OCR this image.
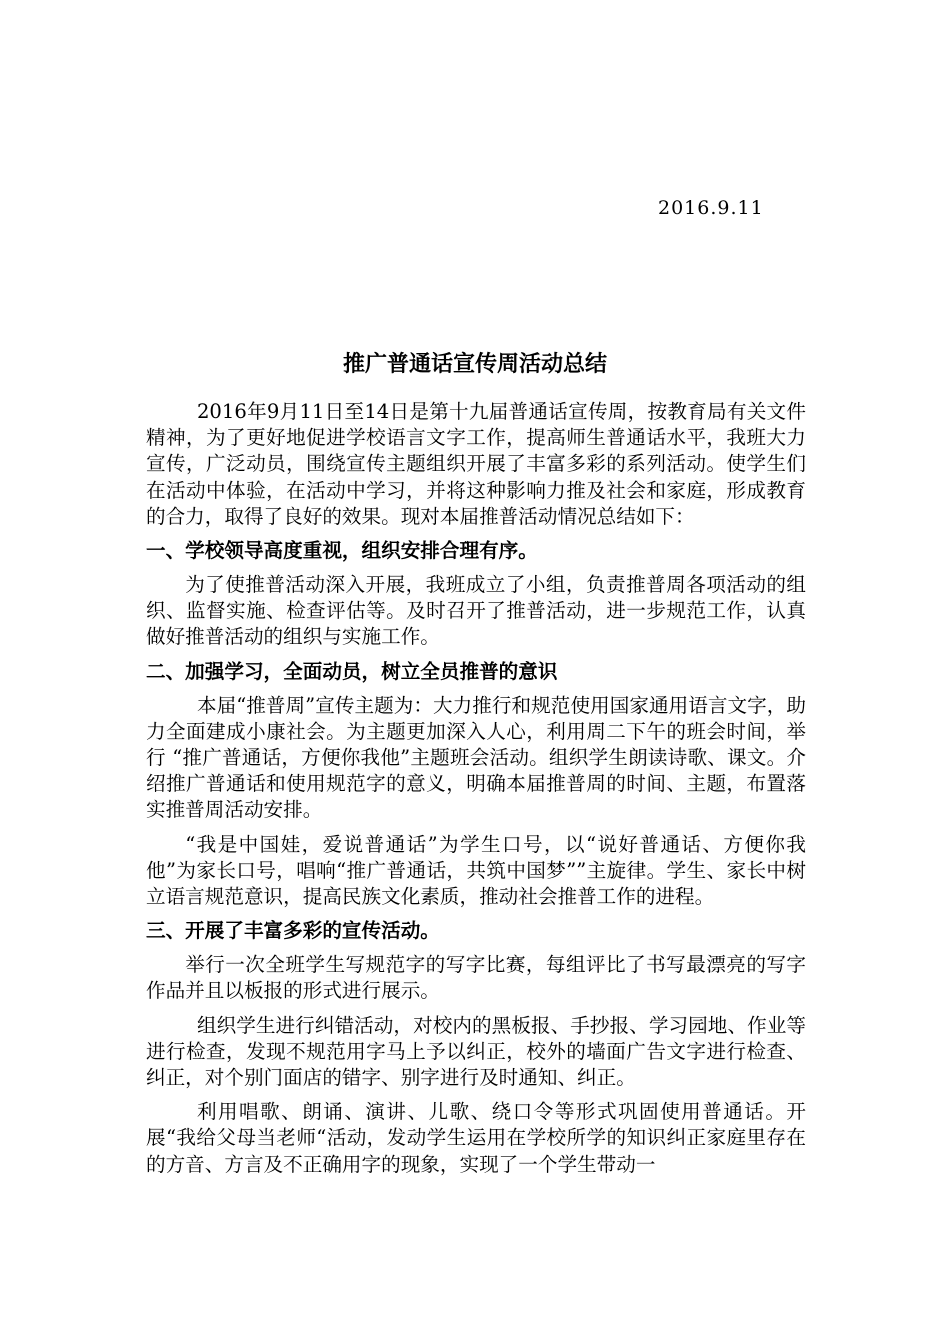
2016.9.11
推广普通话宣传周活动总结

2016年9月11日至14日是第十九届普通话宣传周，按教育局有关文件精神，为了更好地促进学校语言文字工作，提高师生普通话水平，我班大力宣传，广泛动员，围绕宣传主题组织开展了丰富多彩的系列活动。使学生们在活动中体验，在活动中学习，并将这种影响力推及社会和家庭，形成教育的合力，取得了良好的效果。现对本届推普活动情况总结如下：

一、学校领导高度重视，组织安排合理有序。

为了使推普活动深入开展，我班成立了小组，负责推普周各项活动的组织、监督实施、检查评估等。及时召开了推普活动，进一步规范工作，认真做好推普活动的组织与实施工作。

二、加强学习，全面动员，树立全员推普的意识

本届“推普周”宣传主题为：大力推行和规范使用国家通用语言文字，助力全面建成小康社会。为主题更加深入人心，利用周二下午的班会时间，举行 “推广普通话，方便你我他”主题班会活动。组织学生朗读诗歌、课文。介绍推广普通话和使用规范字的意义，明确本届推普周的时间、主题，布置落实推普周活动安排。

“我是中国娃，爱说普通话”为学生口号，以“说好普通话、方便你我他”为家长口号，唱响“推广普通话，共筑中国梦””主旋律。学生、家长中树立语言规范意识，提高民族文化素质，推动社会推普工作的进程。

三、开展了丰富多彩的宣传活动。

举行一次全班学生写规范字的写字比赛，每组评比了书写最漂亮的写字作品并且以板报的形式进行展示。

组织学生进行纠错活动，对校内的黑板报、手抄报、学习园地、作业等进行检查，发现不规范用字马上予以纠正，校外的墙面广告文字进行检查、纠正，对个别门面店的错字、别字进行及时通知、纠正。

利用唱歌、朗诵、演讲、儿歌、绕口令等形式巩固使用普通话。开展“我给父母当老师“活动，发动学生运用在学校所学的知识纠正家庭里存在的方音、方言及不正确用字的现象，实现了一个学生带动一
